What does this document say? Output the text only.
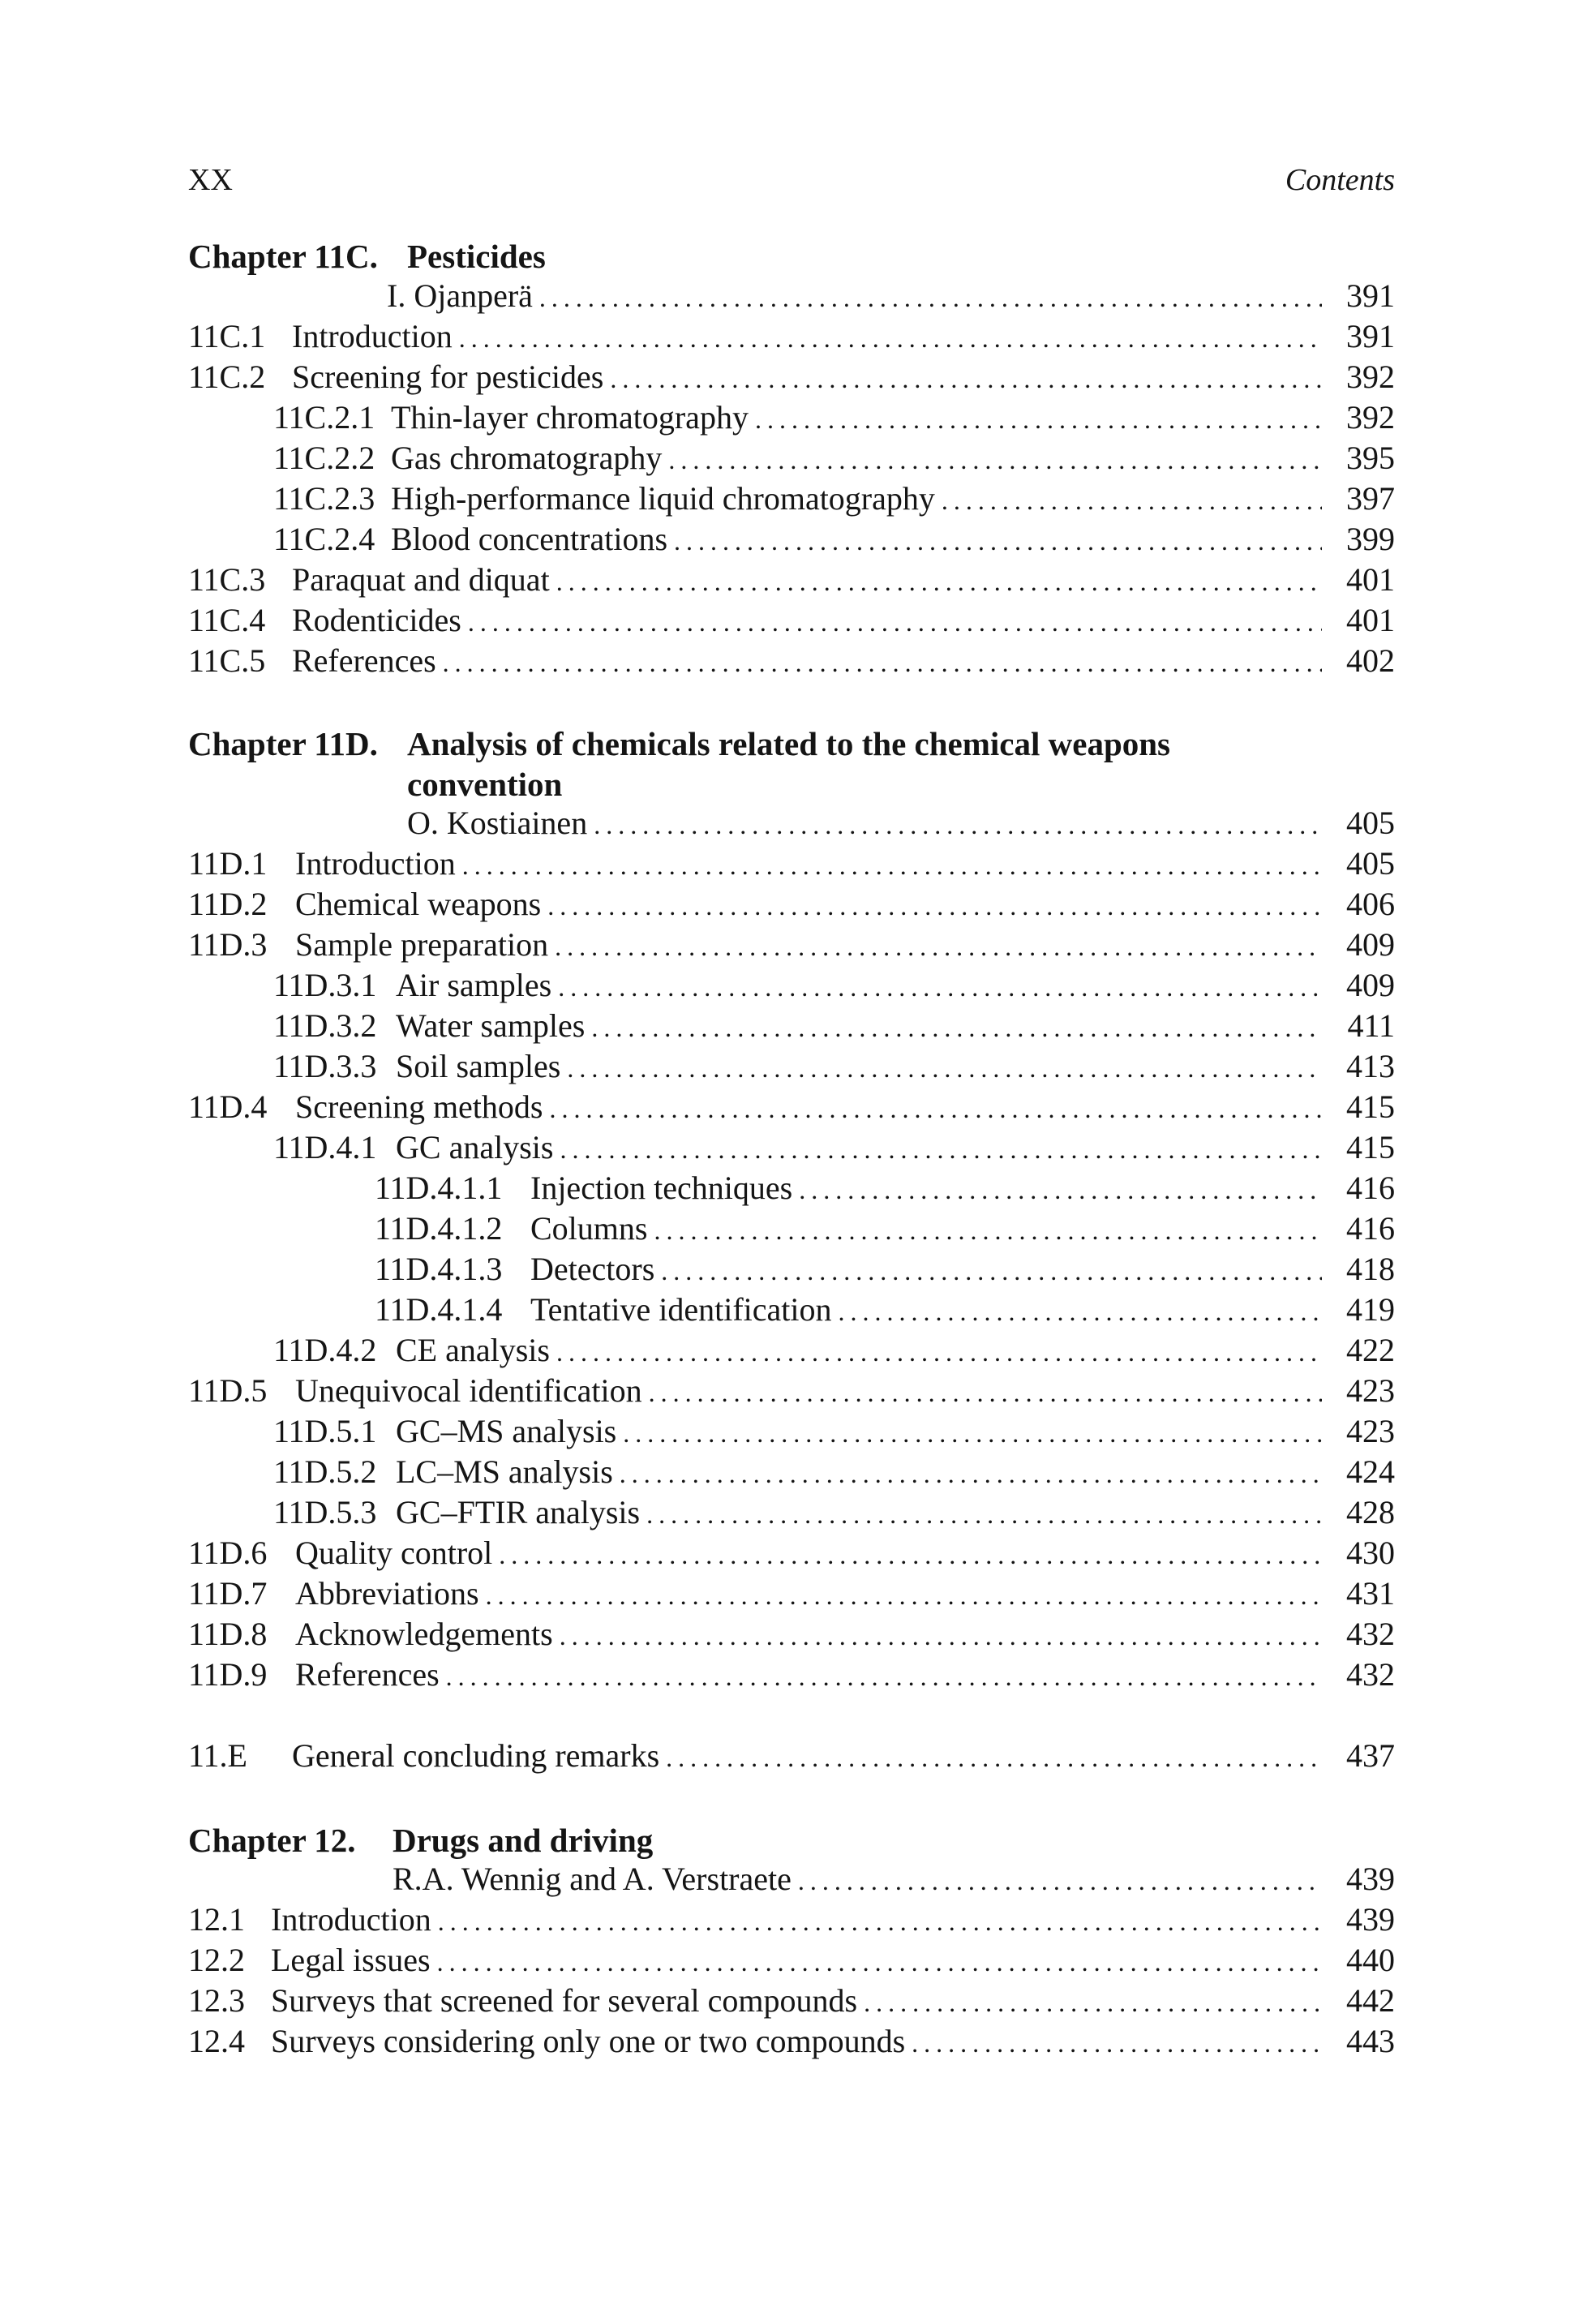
XX	Contents
Chapter 11C. Pesticides
I. Ojanperä .....	391
11C.1 Introduction .....	391
11C.2 Screening for pesticides .....	392
11C.2.1 Thin-layer chromatography .....	392
11C.2.2 Gas chromatography .....	395
11C.2.3 High-performance liquid chromatography .....	397
11C.2.4 Blood concentrations .....	399
11C.3 Paraquat and diquat .....	401
11C.4 Rodenticides .....	401
11C.5 References .....	402
Chapter 11D. Analysis of chemicals related to the chemical weapons
convention
O. Kostiainen .....	405
11D.1 Introduction .....	405
11D.2 Chemical weapons .....	406
11D.3 Sample preparation .....	409
11D.3.1 Air samples .....	409
11D.3.2 Water samples .....	411
11D.3.3 Soil samples .....	413
11D.4 Screening methods .....	415
11D.4.1 GC analysis .....	415
11D.4.1.1 Injection techniques .....	416
11D.4.1.2 Columns .....	416
11D.4.1.3 Detectors .....	418
11D.4.1.4 Tentative identification .....	419
11D.4.2 CE analysis .....	422
11D.5 Unequivocal identification .....	423
11D.5.1 GC–MS analysis .....	423
11D.5.2 LC–MS analysis .....	424
11D.5.3 GC–FTIR analysis .....	428
11D.6 Quality control .....	430
11D.7 Abbreviations .....	431
11D.8 Acknowledgements .....	432
11D.9 References .....	432
11.E General concluding remarks .....	437
Chapter 12. Drugs and driving
R.A. Wennig and A. Verstraete .....	439
12.1 Introduction .....	439
12.2 Legal issues .....	440
12.3 Surveys that screened for several compounds .....	442
12.4 Surveys considering only one or two compounds .....	443
